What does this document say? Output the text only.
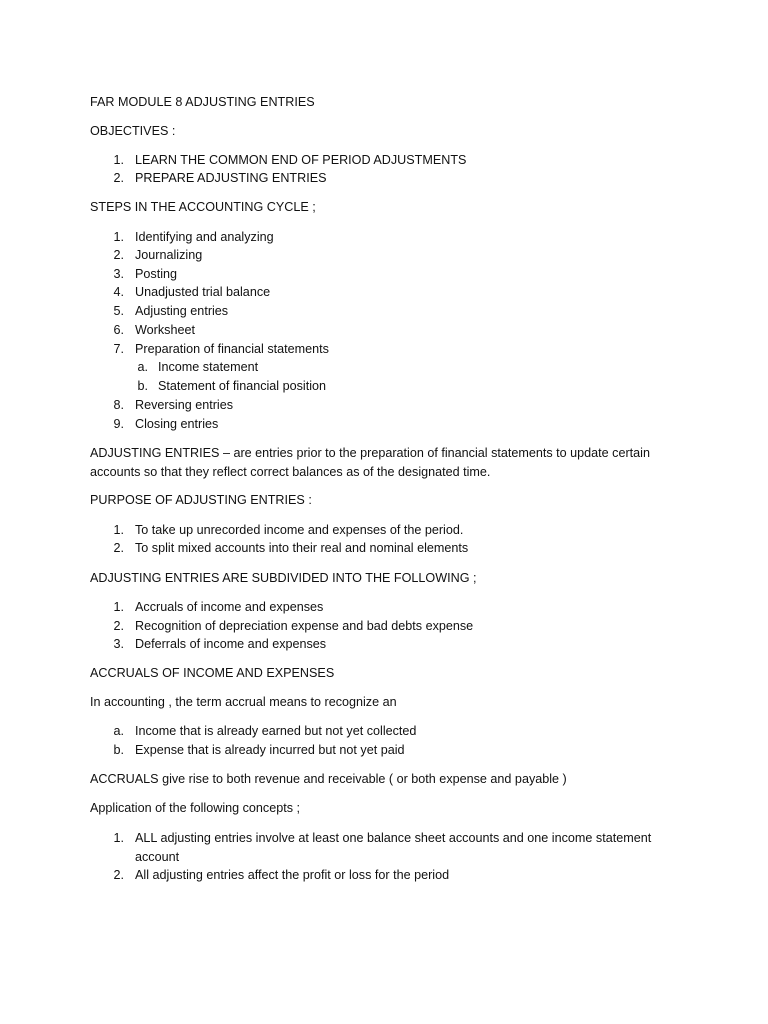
FAR MODULE 8 ADJUSTING ENTRIES
OBJECTIVES :
1. LEARN THE COMMON END OF PERIOD ADJUSTMENTS
2. PREPARE ADJUSTING ENTRIES
STEPS IN THE ACCOUNTING CYCLE ;
1. Identifying and analyzing
2. Journalizing
3. Posting
4. Unadjusted trial balance
5. Adjusting entries
6. Worksheet
7. Preparation of financial statements
a. Income statement
b. Statement of financial position
8. Reversing entries
9. Closing entries
ADJUSTING ENTRIES – are entries prior to the preparation of financial statements to update certain accounts so that they reflect correct balances as of the designated time.
PURPOSE OF ADJUSTING ENTRIES :
1. To take up unrecorded income and expenses of the period.
2. To split mixed accounts into their real and nominal elements
ADJUSTING ENTRIES ARE SUBDIVIDED INTO THE FOLLOWING ;
1. Accruals of income and expenses
2. Recognition of depreciation expense and bad debts expense
3. Deferrals of income and expenses
ACCRUALS OF INCOME AND EXPENSES
In accounting , the term accrual means to recognize an
a. Income that is already earned but not yet collected
b. Expense that is already incurred but not yet paid
ACCRUALS give rise to both revenue and receivable ( or both expense and payable )
Application of the following concepts ;
1. ALL adjusting entries involve at least one balance sheet accounts and one income statement account
2. All adjusting entries affect the profit or loss for the period
